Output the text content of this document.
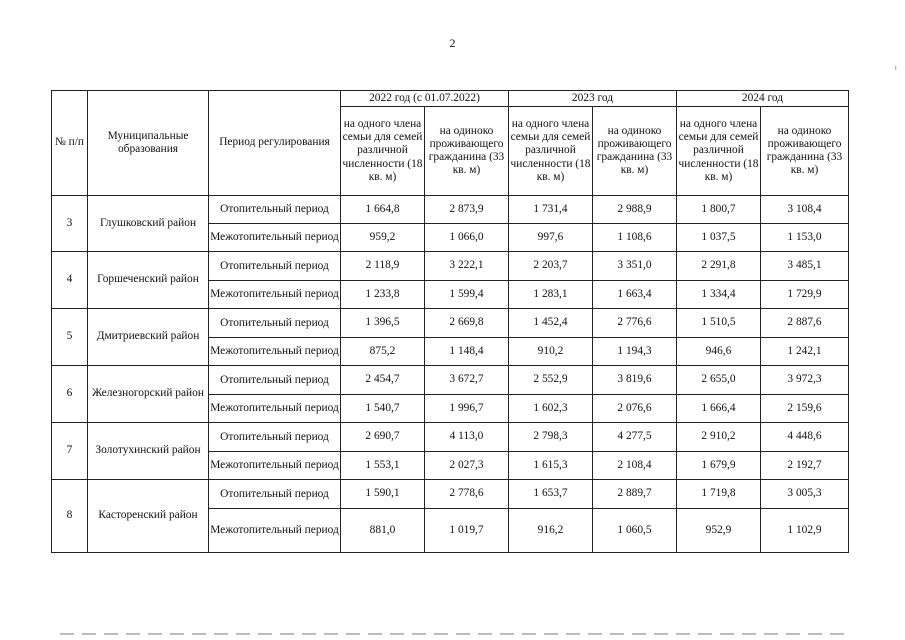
2
ı
№ п/п	Муниципальные образования	Период регулирования	2022 год (с 01.07.2022)		2023 год		2024 год	
			на одного члена семьи для семей различной численности (18 кв. м)	на одиноко проживающего гражданина (33 кв. м)	на одного члена семьи для семей различной численности (18 кв. м)	на одиноко проживающего гражданина (33 кв. м)	на одного члена семьи для семей различной численности (18 кв. м)	на одиноко проживающего гражданина (33 кв. м)
3	Глушковский район	Отопительный период	1 664,8	2 873,9	1 731,4	2 988,9	1 800,7	3 108,4
		Межотопительный период	959,2	1 066,0	997,6	1 108,6	1 037,5	1 153,0
4	Горшеченский район	Отопительный период	2 118,9	3 222,1	2 203,7	3 351,0	2 291,8	3 485,1
		Межотопительный период	1 233,8	1 599,4	1 283,1	1 663,4	1 334,4	1 729,9
5	Дмитриевский район	Отопительный период	1 396,5	2 669,8	1 452,4	2 776,6	1 510,5	2 887,6
		Межотопительный период	875,2	1 148,4	910,2	1 194,3	946,6	1 242,1
6	Железногорский район	Отопительный период	2 454,7	3 672,7	2 552,9	3 819,6	2 655,0	3 972,3
		Межотопительный период	1 540,7	1 996,7	1 602,3	2 076,6	1 666,4	2 159,6
7	Золотухинский район	Отопительный период	2 690,7	4 113,0	2 798,3	4 277,5	2 910,2	4 448,6
		Межотопительный период	1 553,1	2 027,3	1 615,3	2 108,4	1 679,9	2 192,7
8	Касторенский район	Отопительный период	1 590,1	2 778,6	1 653,7	2 889,7	1 719,8	3 005,3
		Межотопительный период	881,0	1 019,7	916,2	1 060,5	952,9	1 102,9
